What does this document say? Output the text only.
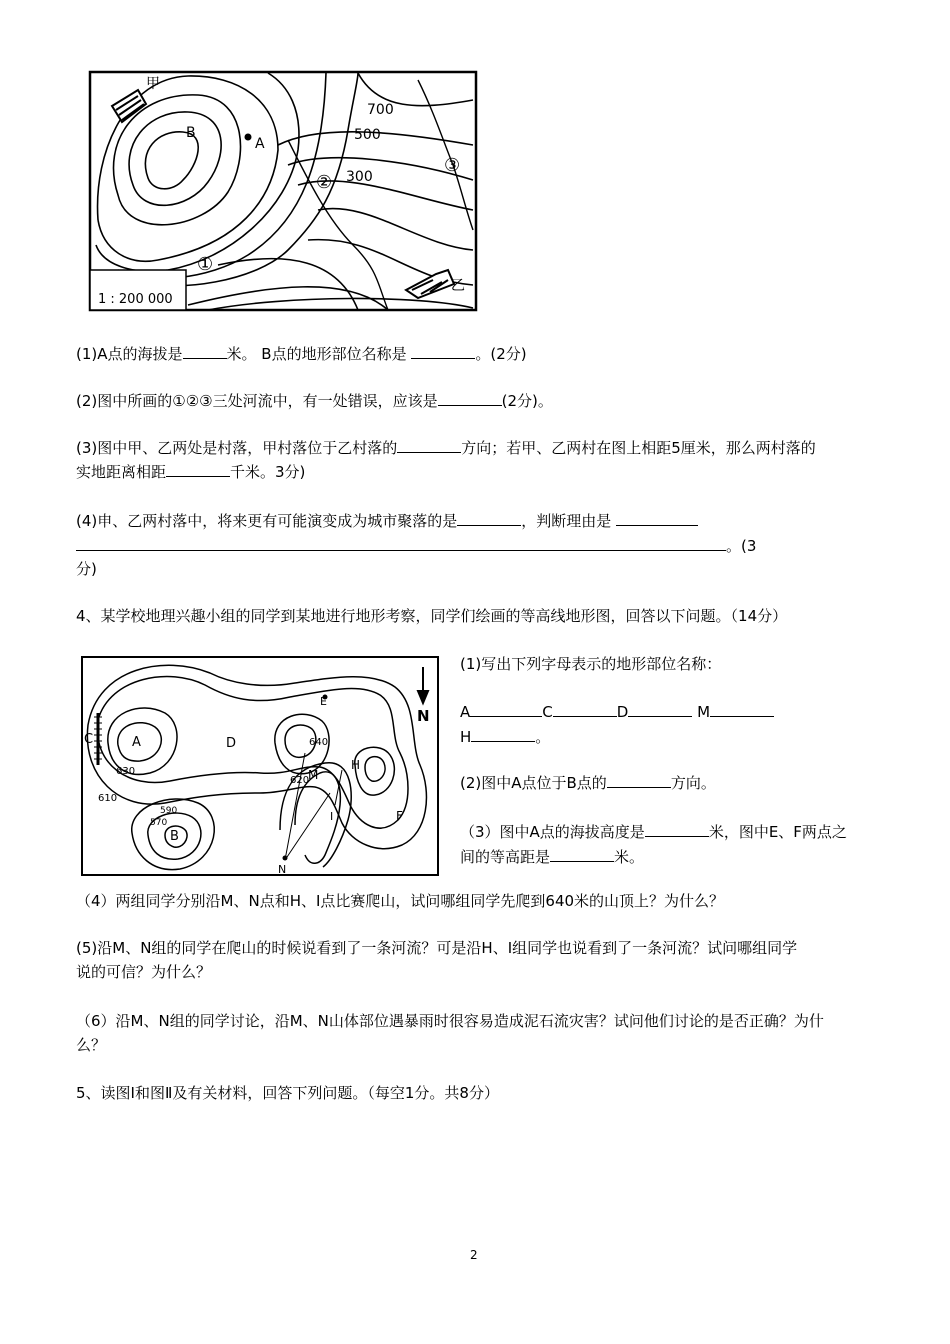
甲
乙
A
B
700
500
300
①
②
③
1 : 200 000
(1)A点的海拔是	米。 B点的地形部位名称是	。(2分)
(2)图中所画的①②③三处河流中，有一处错误，应该是	(2分)。
(3)图中甲、乙两处是村落，甲村落位于乙村落的	方向；若甲、乙两村在图上相距5厘米，那么两村落的
实地距离相距	千米。3分)
(4)申、乙两村落中，将来更有可能演变成为城市聚落的是	，判断理由是
。(3
分)
4、某学校地理兴趣小组的同学到某地进行地形考察，同学们绘画的等高线地形图，回答以下问题。（14分）
A
B
C	D
E
F
H
I
M
N
N
630
610
640
620
590
570
(1)写出下列字母表示的地形部位名称：
A	C	D	M
H	。
(2)图中A点位于B点的	方向。
（3）图中A点的海拔高度是	米，图中E、F两点之
间的等高距是	米。
（4）两组同学分别沿M、N点和H、I点比赛爬山，试问哪组同学先爬到640米的山顶上？为什么？
(5)沿M、N组的同学在爬山的时候说看到了一条河流？可是沿H、I组同学也说看到了一条河流？试问哪组同学
说的可信？为什么？
（6）沿M、N组的同学讨论，沿M、N山体部位遇暴雨时很容易造成泥石流灾害？试问他们讨论的是否正确？为什
么？
5、读图Ⅰ和图Ⅱ及有关材料，回答下列问题。（每空1分。共8分）
2
